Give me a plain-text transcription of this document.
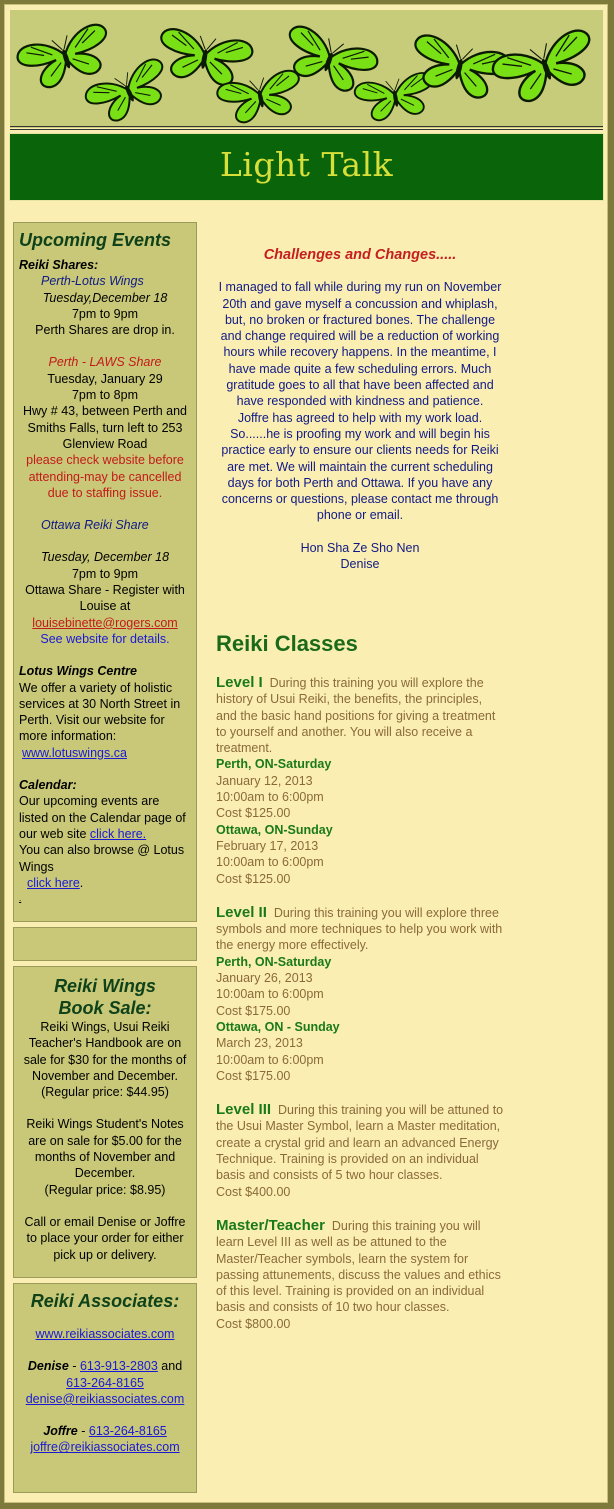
Light Talk
Upcoming Events
Reiki Shares:
Perth-Lotus Wings
Tuesday,December 18
7pm to 9pm
Perth Shares are drop in.
Perth - LAWS Share
Tuesday, January 29
7pm to 8pm
Hwy # 43, between Perth and Smiths Falls, turn left to 253 Glenview Road
please check website before attending-may be cancelled due to staffing issue.
Ottawa Reiki Share
Tuesday, December 18
7pm to 9pm
Ottawa Share - Register with Louise at
louisebinette@rogers.com
See website for details.
Lotus Wings Centre
We offer a variety of holistic services at 30 North Street in Perth. Visit our website for more information:
www.lotuswings.ca
Calendar:
Our upcoming events are listed on the Calendar page of our web site click here.
You can also browse @ Lotus Wings
click here.
.
Reiki Wings Book Sale:
Reiki Wings, Usui Reiki Teacher's Handbook are on sale for $30 for the months of November and December.
(Regular price: $44.95)
Reiki Wings Student's Notes are on sale for $5.00 for the months of November and December.
(Regular price: $8.95)
Call or email Denise or Joffre to place your order for either pick up or delivery.
Reiki Associates:
www.reikiassociates.com
Denise - 613-913-2803 and
613-264-8165
denise@reikiassociates.com
Joffre - 613-264-8165
joffre@reikiassociates.com
Challenges and Changes.....
I managed to fall while during my run on November 20th and gave myself a concussion and whiplash, but, no broken or fractured bones. The challenge and change required will be a reduction of working hours while recovery happens. In the meantime, I have made quite a few scheduling errors. Much gratitude goes to all that have been affected and have responded with kindness and patience.
Joffre has agreed to help with my work load. So......he is proofing my work and will begin his practice early to ensure our clients needs for Reiki are met. We will maintain the current scheduling days for both Perth and Ottawa. If you have any concerns or questions, please contact me through phone or email.
Hon Sha Ze Sho Nen
Denise
Reiki Classes
Level I During this training you will explore the history of Usui Reiki, the benefits, the principles, and the basic hand positions for giving a treatment to yourself and another. You will also receive a treatment.
Perth, ON-Saturday
January 12, 2013
10:00am to 6:00pm
Cost $125.00
Ottawa, ON-Sunday
February 17, 2013
10:00am to 6:00pm
Cost $125.00
Level II During this training you will explore three symbols and more techniques to help you work with the energy more effectively.
Perth, ON-Saturday
January 26, 2013
10:00am to 6:00pm
Cost $175.00
Ottawa, ON - Sunday
March 23, 2013
10:00am to 6:00pm
Cost $175.00
Level III During this training you will be attuned to the Usui Master Symbol, learn a Master meditation, create a crystal grid and learn an advanced Energy Technique. Training is provided on an individual basis and consists of 5 two hour classes.
Cost $400.00
Master/Teacher During this training you will learn Level III as well as be attuned to the Master/Teacher symbols, learn the system for passing attunements, discuss the values and ethics of this level. Training is provided on an individual basis and consists of 10 two hour classes.
Cost $800.00
